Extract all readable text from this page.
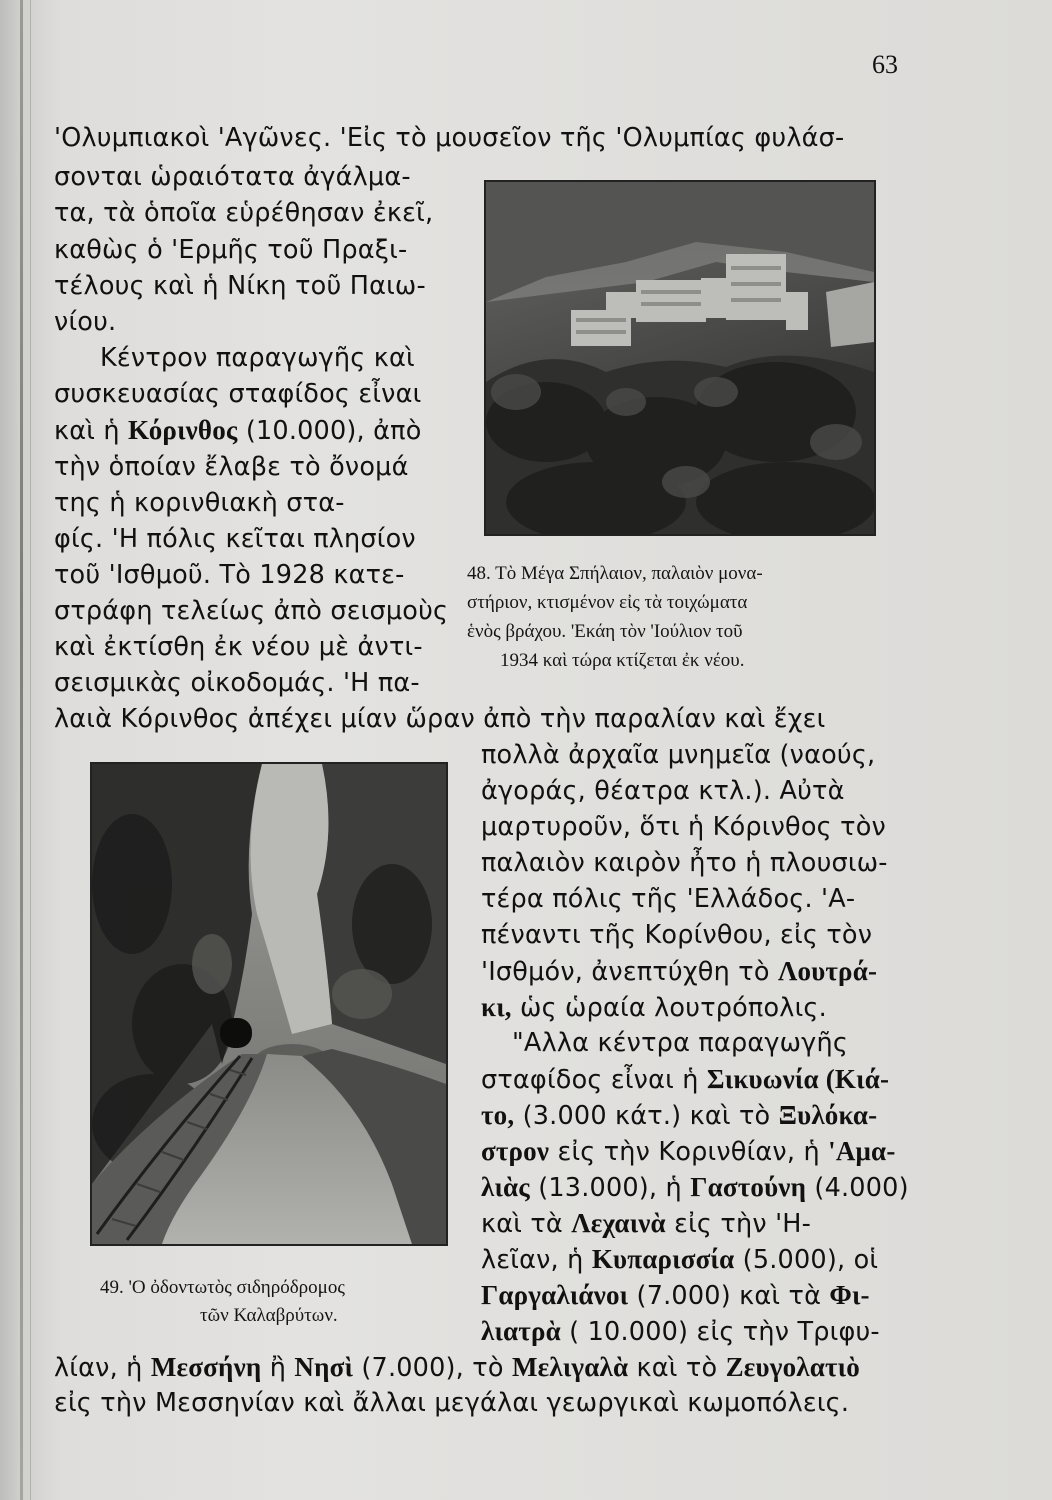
63
'Ολυμπιακοὶ 'Αγῶνες. 'Εἰς τὸ μουσεῖον τῆς 'Ολυμπίας φυλάσ-
σονται ὡραιότατα ἀγάλμα-
τα, τὰ ὁποῖα εὑρέθησαν ἐκεῖ,
καθὼς ὁ 'Ερμῆς τοῦ Πραξι-
τέλους καὶ ἡ Νίκη τοῦ Παιω-
νίου.
Κέντρον παραγωγῆς καὶ
συσκευασίας σταφίδος εἶναι
καὶ ἡ Κόρινθος (10.000), ἀπὸ
τὴν ὁποίαν ἔλαβε τὸ ὄνομά
της ἡ κορινθιακὴ στα-
φίς. 'Η πόλις κεῖται πλησίον
τοῦ 'Ισθμοῦ. Τὸ 1928 κατε-
στράφη τελείως ἀπὸ σεισμοὺς
καὶ ἐκτίσθη ἐκ νέου μὲ ἀντι-
σεισμικὰς οἰκοδομάς. 'Η πα-
λαιὰ Κόρινθος ἀπέχει μίαν ὥραν ἀπὸ τὴν παραλίαν καὶ ἔχει
πολλὰ ἀρχαῖα μνημεῖα (ναούς,
ἀγοράς, θέατρα κτλ.). Αὐτὰ
μαρτυροῦν, ὅτι ἡ Κόρινθος τὸν
παλαιὸν καιρὸν ἦτο ἡ πλουσιω-
τέρα πόλις τῆς 'Ελλάδος. 'Α-
πέναντι τῆς Κορίνθου, εἰς τὸν
'Ισθμόν, ἀνεπτύχθη τὸ Λουτρά-
κι, ὡς ὡραία λουτρόπολις.
"Αλλα κέντρα παραγωγῆς
σταφίδος εἶναι ἡ Σικυωνία (Κιά-
το, (3.000 κάτ.) καὶ τὸ Ξυλόκα-
στρον εἰς τὴν Κορινθίαν, ἡ 'Αμα-
λιὰς (13.000), ἡ Γαστούνη (4.000)
καὶ τὰ Λεχαινὰ εἰς τὴν 'Η-
λεῖαν, ἡ Κυπαρισσία (5.000), οἱ
Γαργαλιάνοι (7.000) καὶ τὰ Φι-
λιατρὰ ( 10.000) εἰς τὴν Τριφυ-
λίαν, ἡ Μεσσήνη ἢ Νησὶ (7.000), τὸ Μελιγαλὰ καὶ τὸ Ζευγολατιὸ
εἰς τὴν Μεσσηνίαν καὶ ἄλλαι μεγάλαι γεωργικαὶ κωμοπόλεις.
48. Τὸ Μέγα Σπήλαιον, παλαιὸν μονα-
στήριον, κτισμένον εἰς τὰ τοιχώματα
ἑνὸς βράχου. 'Εκάη τὸν 'Ιούλιον τοῦ
1934 καὶ τώρα κτίζεται ἐκ νέου.
49. 'Ο ὀδοντωτὸς σιδηρόδρομος
τῶν Καλαβρύτων.
